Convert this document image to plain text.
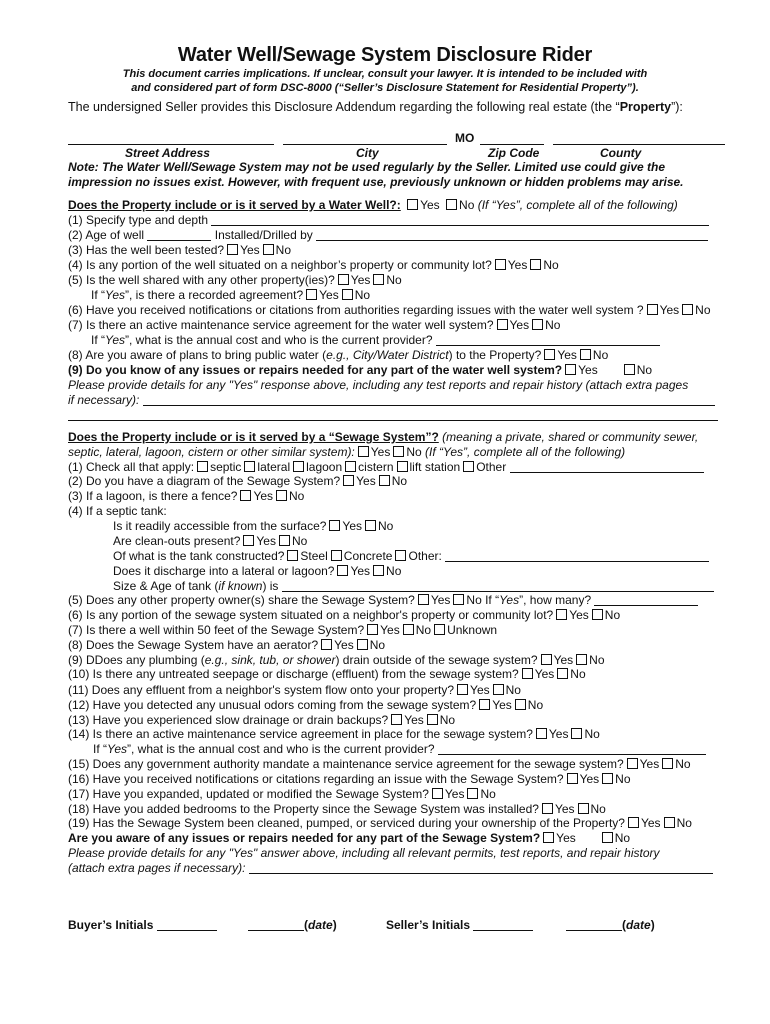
Water Well/Sewage System Disclosure Rider
This document carries implications. If unclear, consult your lawyer. It is intended to be included with
and considered part of form DSC-8000 (“Seller’s Disclosure Statement for Residential Property”).
The undersigned Seller provides this Disclosure Addendum regarding the following real estate (the “Property”):
MO
Street Address	City	Zip Code	County
Note: The Water Well/Sewage System may not be used regularly by the Seller. Limited use could give the
impression no issues exist. However, with frequent use, previously unknown or hidden problems may arise.
Does the Property include or is it served by a Water Well?: Yes No (If “Yes”, complete all of the following)
(1) Specify type and depth
(2) Age of well	Installed/Drilled by
(3) Has the well been tested? Yes No
(4) Is any portion of the well situated on a neighbor’s property or community lot? Yes No
(5) Is the well shared with any other property(ies)? Yes No
If “Yes”, is there a recorded agreement? Yes No
(6) Have you received notifications or citations from authorities regarding issues with the water well system ? Yes No
(7) Is there an active maintenance service agreement for the water well system? Yes No
If “Yes”, what is the annual cost and who is the current provider?
(8) Are you aware of plans to bring public water (e.g., City/Water District) to the Property? Yes No
(9) Do you know of any issues or repairs needed for any part of the water well system? Yes	No
Please provide details for any "Yes" response above, including any test reports and repair history (attach extra pages
if necessary):
Does the Property include or is it served by a “Sewage System”? (meaning a private, shared or community sewer,
septic, lateral, lagoon, cistern or other similar system): Yes No (If “Yes”, complete all of the following)
(1) Check all that apply: septic lateral lagoon cistern lift station Other
(2) Do you have a diagram of the Sewage System? Yes No
(3) If a lagoon, is there a fence? Yes No
(4) If a septic tank:
Is it readily accessible from the surface? Yes No
Are clean-outs present? Yes No
Of what is the tank constructed? Steel Concrete Other:
Does it discharge into a lateral or lagoon? Yes No
Size & Age of tank (if known) is
(5) Does any other property owner(s) share the Sewage System? Yes No If “Yes”, how many?
(6) Is any portion of the sewage system situated on a neighbor's property or community lot? Yes No
(7) Is there a well within 50 feet of the Sewage System? Yes No Unknown
(8) Does the Sewage System have an aerator? Yes No
(9) DDoes any plumbing (e.g., sink, tub, or shower) drain outside of the sewage system? Yes No
(10) Is there any untreated seepage or discharge (effluent) from the sewage system? Yes No
(11) Does any effluent from a neighbor's system flow onto your property? Yes No
(12) Have you detected any unusual odors coming from the sewage system? Yes No
(13) Have you experienced slow drainage or drain backups? Yes No
(14) Is there an active maintenance service agreement in place for the sewage system? Yes No
If “Yes”, what is the annual cost and who is the current provider?
(15) Does any government authority mandate a maintenance service agreement for the sewage system? Yes No
(16) Have you received notifications or citations regarding an issue with the Sewage System? Yes No
(17) Have you expanded, updated or modified the Sewage System? Yes No
(18) Have you added bedrooms to the Property since the Sewage System was installed? Yes No
(19) Has the Sewage System been cleaned, pumped, or serviced during your ownership of the Property? Yes No
Are you aware of any issues or repairs needed for any part of the Sewage System? Yes	No
Please provide details for any "Yes" answer above, including all relevant permits, test reports, and repair history
(attach extra pages if necessary):
Buyer’s Initials	(date)	Seller’s Initials	(date)
